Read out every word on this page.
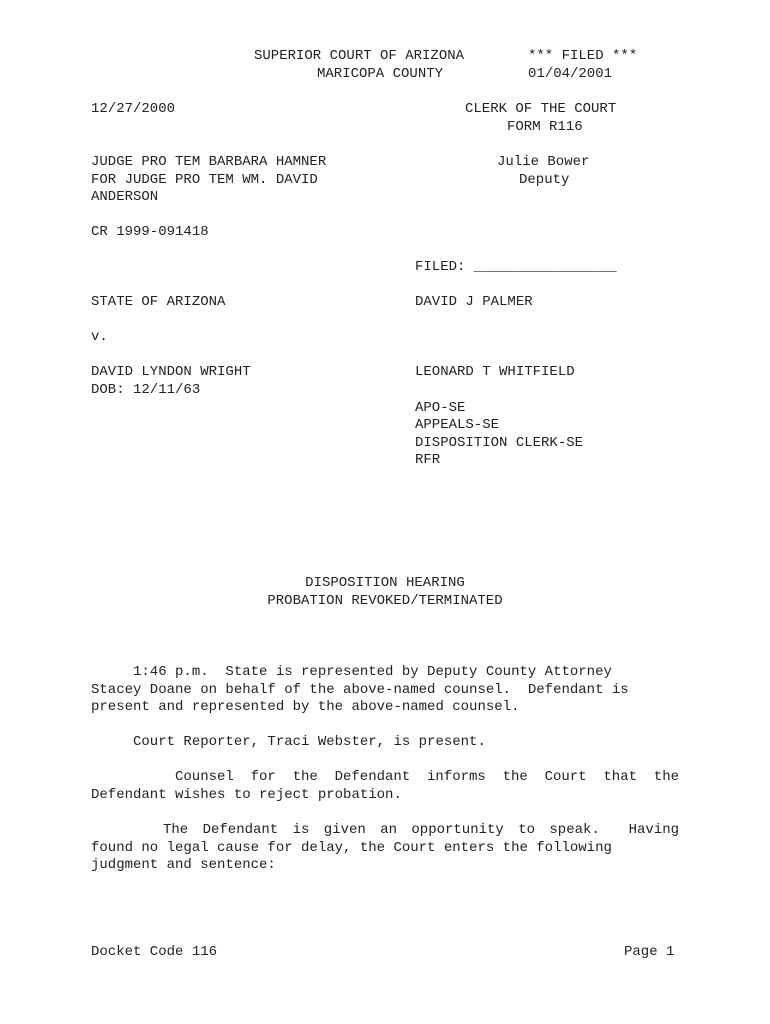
SUPERIOR COURT OF ARIZONA
MARICOPA COUNTY
*** FILED ***
01/04/2001
12/27/2000	CLERK OF THE COURT
FORM R116
JUDGE PRO TEM BARBARA HAMNER
FOR JUDGE PRO TEM WM. DAVID
ANDERSON
Julie Bower
Deputy
CR 1999-091418
FILED: _________________
STATE OF ARIZONA	DAVID J PALMER
v.
DAVID LYNDON WRIGHT
DOB: 12/11/63
LEONARD T WHITFIELD
APO-SE
APPEALS-SE
DISPOSITION CLERK-SE
RFR
DISPOSITION HEARING
PROBATION REVOKED/TERMINATED
1:46 p.m.  State is represented by Deputy County Attorney
Stacey Doane on behalf of the above-named counsel.  Defendant is
present and represented by the above-named counsel.
Court Reporter, Traci Webster, is present.
Counsel for the Defendant informs the Court that the
Defendant wishes to reject probation.
The Defendant is given an opportunity to speak.  Having
found no legal cause for delay, the Court enters the following
judgment and sentence:
Docket Code 116	Page 1
